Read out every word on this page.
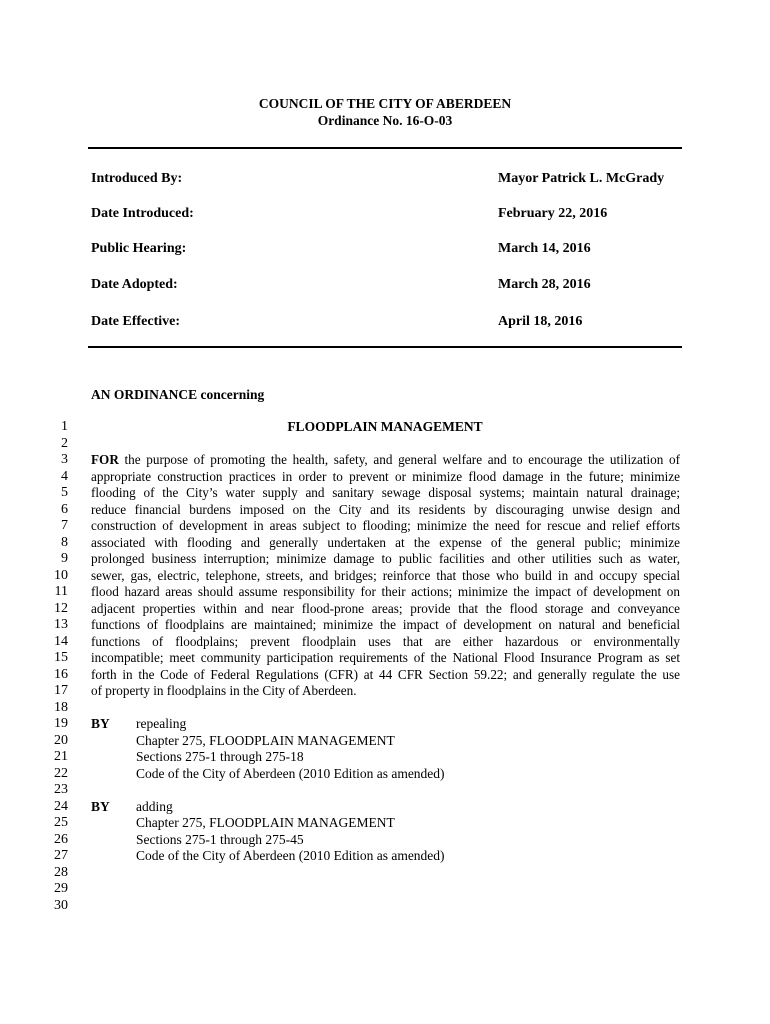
COUNCIL OF THE CITY OF ABERDEEN
Ordinance No. 16-O-03
Introduced By:	Mayor Patrick L. McGrady
Date Introduced:	February 22, 2016
Public Hearing:	March 14, 2016
Date Adopted:	March 28, 2016
Date Effective:	April 18, 2016
AN ORDINANCE concerning
FLOODPLAIN MANAGEMENT
1
2
3
4
5
6
7
8
9
10
11
12
13
14
15
16
17
18
19
20
21
22
23
24
25
26
27
28
29
30
FOR the purpose of promoting the health, safety, and general welfare and to encourage the utilization of
appropriate construction practices in order to prevent or minimize flood damage in the future; minimize
flooding of the City’s water supply and sanitary sewage disposal systems; maintain natural drainage;
reduce financial burdens imposed on the City and its residents by discouraging unwise design and
construction of development in areas subject to flooding; minimize the need for rescue and relief efforts
associated with flooding and generally undertaken at the expense of the general public; minimize
prolonged business interruption; minimize damage to public facilities and other utilities such as water,
sewer, gas, electric, telephone, streets, and bridges; reinforce that those who build in and occupy special
flood hazard areas should assume responsibility for their actions; minimize the impact of development on
adjacent properties within and near flood-prone areas; provide that the flood storage and conveyance
functions of floodplains are maintained; minimize the impact of development on natural and beneficial
functions of floodplains; prevent floodplain uses that are either hazardous or environmentally
incompatible; meet community participation requirements of the National Flood Insurance Program as set
forth in the Code of Federal Regulations (CFR) at 44 CFR Section 59.22; and generally regulate the use
of property in floodplains in the City of Aberdeen.
BY repealing
Chapter 275, FLOODPLAIN MANAGEMENT
Sections 275-1 through 275-18
Code of the City of Aberdeen (2010 Edition as amended)
BY adding
Chapter 275, FLOODPLAIN MANAGEMENT
Sections 275-1 through 275-45
Code of the City of Aberdeen (2010 Edition as amended)
